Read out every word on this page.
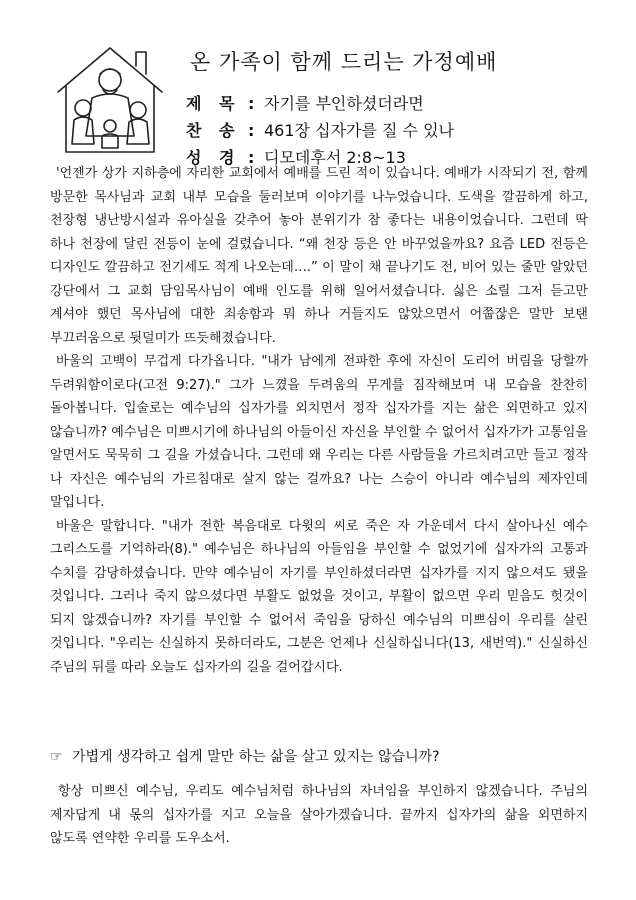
온 가족이 함께 드리는 가정예배
제 목 : 자기를 부인하셨더라면
찬 송 : 461장 십자가를 질 수 있나
성 경 : 디모데후서 2:8~13

'언젠가 상가 지하층에 자리한 교회에서 예배를 드린 적이 있습니다. 예배가 시작되기 전, 함께 방문한 목사님과 교회 내부 모습을 둘러보며 이야기를 나누었습니다. 도색을 깔끔하게 하고, 천장형 냉난방시설과 유아실을 갖추어 놓아 분위기가 참 좋다는 내용이었습니다. 그런데 딱 하나 천장에 달린 전등이 눈에 걸렸습니다. “왜 천장 등은 안 바꾸었을까요? 요즘 LED 전등은 디자인도 깔끔하고 전기세도 적게 나오는데….” 이 말이 채 끝나기도 전, 비어 있는 줄만 알았던 강단에서 그 교회 담임목사님이 예배 인도를 위해 일어서셨습니다. 싫은 소릴 그저 듣고만 계셔야 했던 목사님에 대한 죄송함과 뭐 하나 거들지도 않았으면서 어쭙잖은 말만 보탠 부끄러움으로 뒷덜미가 뜨듯해졌습니다.

바울의 고백이 무겁게 다가옵니다. "내가 남에게 전파한 후에 자신이 도리어 버림을 당할까 두려워함이로다(고전 9:27)." 그가 느꼈을 두려움의 무게를 짐작해보며 내 모습을 찬찬히 돌아봅니다. 입술로는 예수님의 십자가를 외치면서 정작 십자가를 지는 삶은 외면하고 있지 않습니까? 예수님은 미쁘시기에 하나님의 아들이신 자신을 부인할 수 없어서 십자가가 고통임을 알면서도 묵묵히 그 길을 가셨습니다. 그런데 왜 우리는 다른 사람들을 가르치려고만 들고 정작 나 자신은 예수님의 가르침대로 살지 않는 걸까요? 나는 스승이 아니라 예수님의 제자인데 말입니다.

바울은 말합니다. "내가 전한 복음대로 다윗의 씨로 죽은 자 가운데서 다시 살아나신 예수 그리스도를 기억하라(8)." 예수님은 하나님의 아들임을 부인할 수 없었기에 십자가의 고통과 수치를 감당하셨습니다. 만약 예수님이 자기를 부인하셨더라면 십자가를 지지 않으셔도 됐을 것입니다. 그러나 죽지 않으셨다면 부활도 없었을 것이고, 부활이 없으면 우리 믿음도 헛것이 되지 않겠습니까? 자기를 부인할 수 없어서 죽임을 당하신 예수님의 미쁘심이 우리를 살린 것입니다. "우리는 신실하지 못하더라도, 그분은 언제나 신실하십니다(13, 새번역)." 신실하신 주님의 뒤를 따라 오늘도 십자가의 길을 걸어갑시다.

☞ 가볍게 생각하고 쉽게 말만 하는 삶을 살고 있지는 않습니까?
항상 미쁘신 예수님, 우리도 예수님처럼 하나님의 자녀임을 부인하지 않겠습니다. 주님의 제자답게 내 몫의 십자가를 지고 오늘을 살아가겠습니다. 끝까지 십자가의 삶을 외면하지 않도록 연약한 우리를 도우소서.
